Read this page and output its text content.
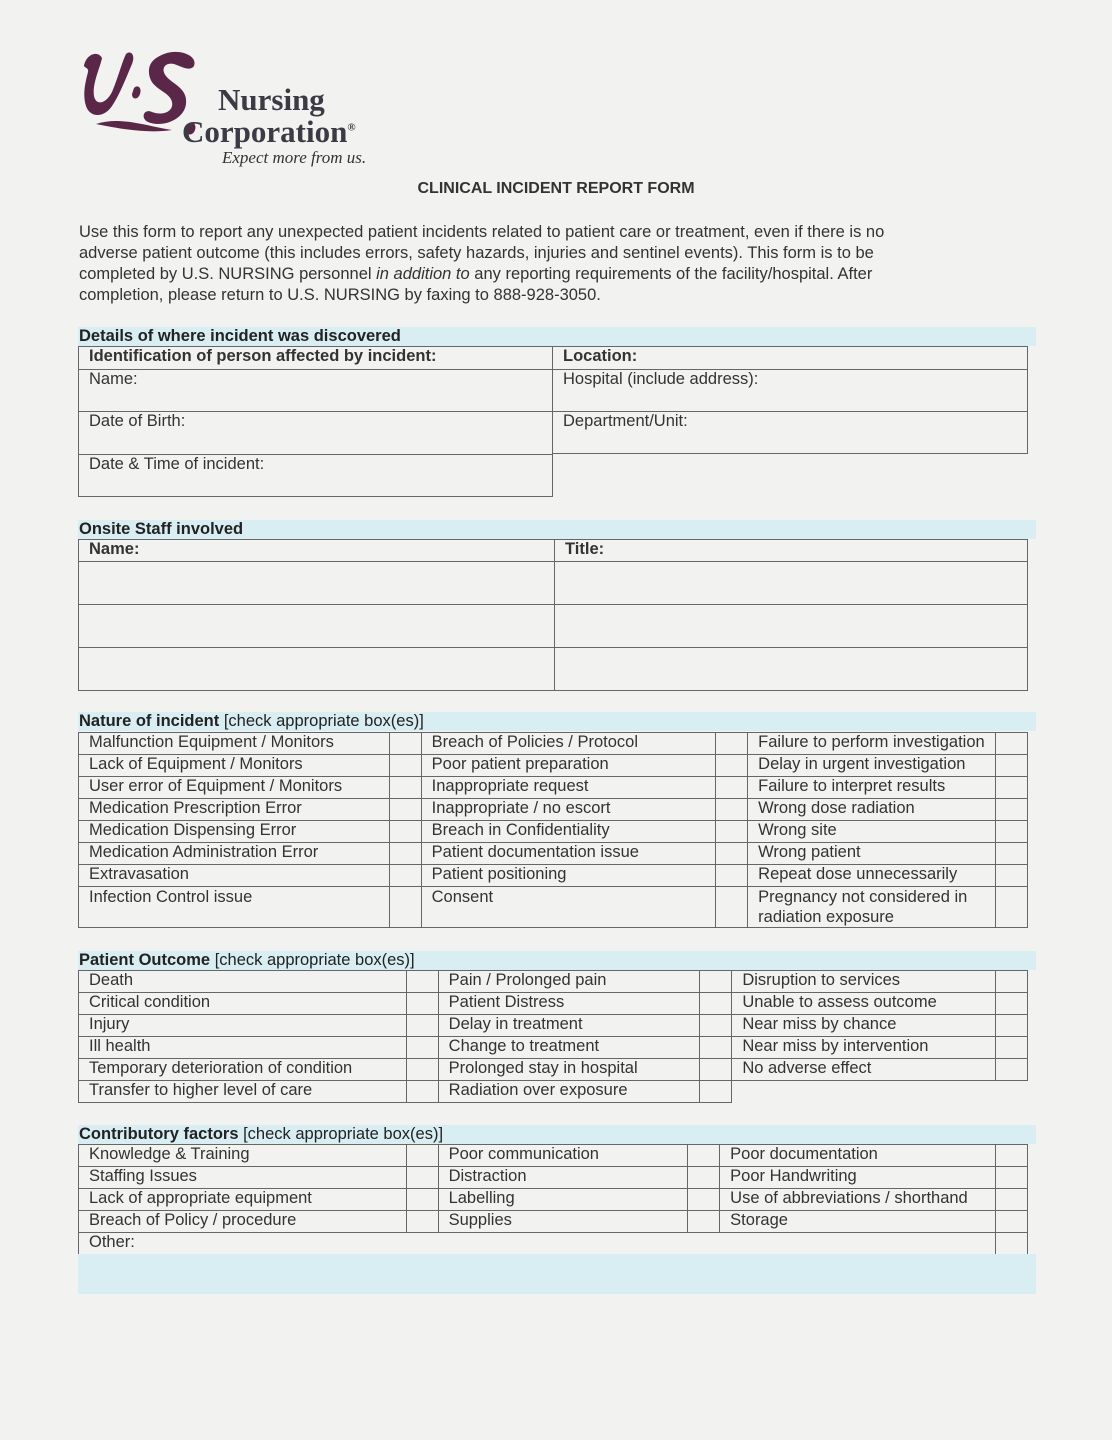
Nursing
Corporation®
Expect more from us.
CLINICAL INCIDENT REPORT FORM
Use this form to report any unexpected patient incidents related to patient care or treatment, even if there is no
adverse patient outcome (this includes errors, safety hazards, injuries and sentinel events). This form is to be
completed by U.S. NURSING personnel in addition to any reporting requirements of the facility/hospital. After
completion, please return to U.S. NURSING by faxing to 888-928-3050.
Details of where incident was discovered
Identification of person affected by incident:
Name:
Date of Birth:
Date & Time of incident:
Location:
Hospital (include address):
Department/Unit:
Onsite Staff involved
Name:	Title:

Nature of incident [check appropriate box(es)]
Malfunction Equipment / Monitors		Breach of Policies / Protocol		Failure to perform investigation	
Lack of Equipment / Monitors		Poor patient preparation		Delay in urgent investigation	
User error of Equipment / Monitors		Inappropriate request		Failure to interpret results	
Medication Prescription Error		Inappropriate / no escort		Wrong dose radiation	
Medication Dispensing Error		Breach in Confidentiality		Wrong site	
Medication Administration Error		Patient documentation issue		Wrong patient	
Extravasation		Patient positioning		Repeat dose unnecessarily	
Infection Control issue		Consent		Pregnancy not considered in radiation exposure	
Patient Outcome [check appropriate box(es)]
Death		Pain / Prolonged pain		Disruption to services	
Critical condition		Patient Distress		Unable to assess outcome	
Injury		Delay in treatment		Near miss by chance	
Ill health		Change to treatment		Near miss by intervention	
Temporary deterioration of condition		Prolonged stay in hospital		No adverse effect	
Transfer to higher level of care		Radiation over exposure			
Contributory factors [check appropriate box(es)]
Knowledge & Training		Poor communication		Poor documentation	
Staffing Issues		Distraction		Poor Handwriting	
Lack of appropriate equipment		Labelling		Use of abbreviations / shorthand	
Breach of Policy / procedure		Supplies		Storage	
Other:					
